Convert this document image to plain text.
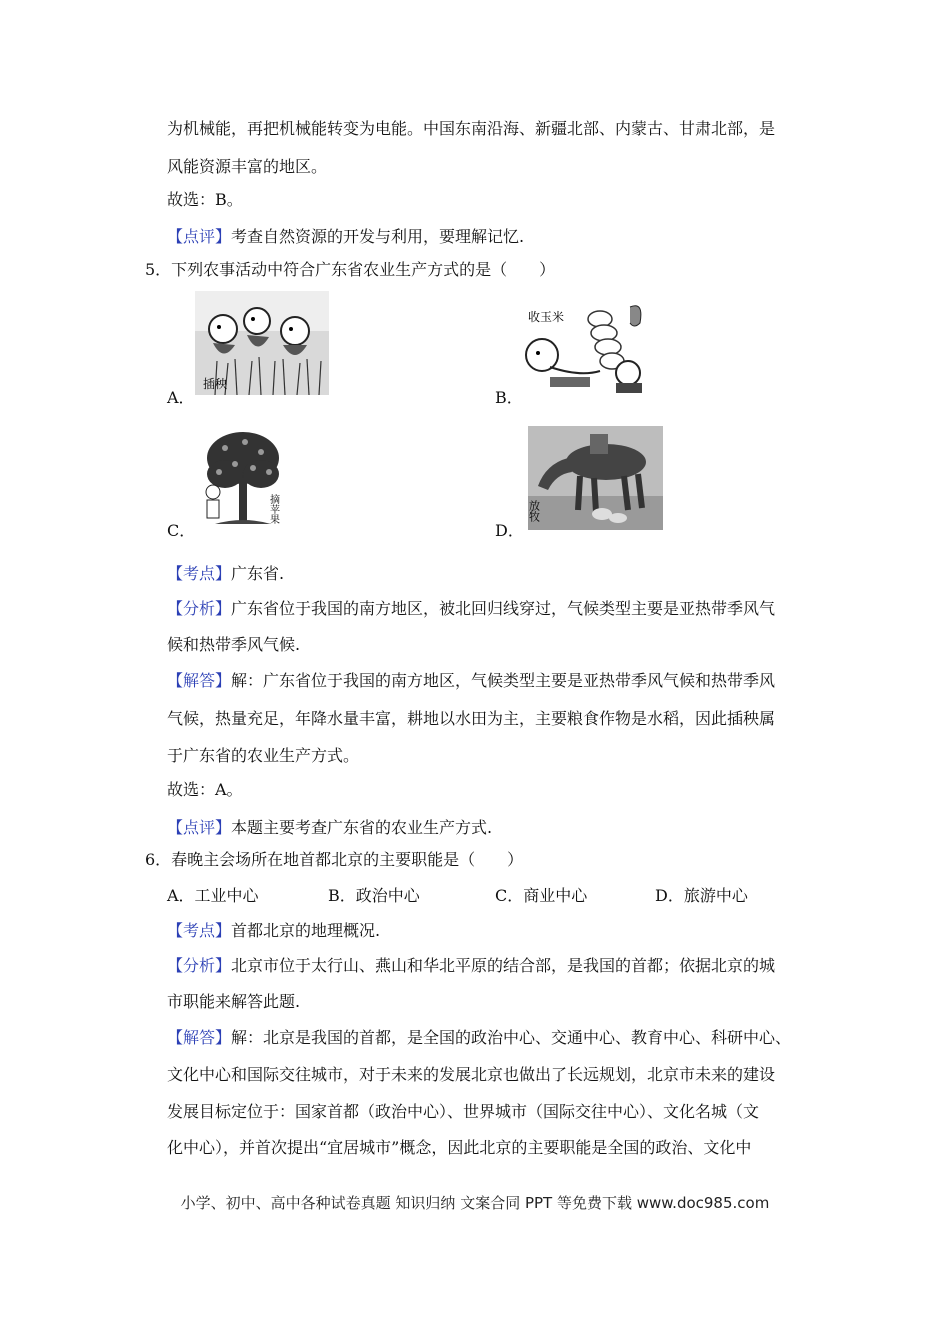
为机械能，再把机械能转变为电能。中国东南沿海、新疆北部、内蒙古、甘肃北部，是
风能资源丰富的地区。
故选：B。
【点评】考查自然资源的开发与利用，要理解记忆.
5．下列农事活动中符合广东省农业生产方式的是（　　）
插秧
A．
收玉米
B．
摘苹果
C．
放牧
D．
【考点】广东省.
【分析】广东省位于我国的南方地区，被北回归线穿过，气候类型主要是亚热带季风气
候和热带季风气候.
【解答】解：广东省位于我国的南方地区，气候类型主要是亚热带季风气候和热带季风
气候，热量充足，年降水量丰富，耕地以水田为主，主要粮食作物是水稻，因此插秧属
于广东省的农业生产方式。
故选：A。
【点评】本题主要考查广东省的农业生产方式.
6．春晚主会场所在地首都北京的主要职能是（　　）
A．工业中心	B．政治中心	C．商业中心	D．旅游中心
【考点】首都北京的地理概况.
【分析】北京市位于太行山、燕山和华北平原的结合部，是我国的首都；依据北京的城
市职能来解答此题.
【解答】解：北京是我国的首都，是全国的政治中心、交通中心、教育中心、科研中心、
文化中心和国际交往城市，对于未来的发展北京也做出了长远规划，北京市未来的建设
发展目标定位于：国家首都（政治中心）、世界城市（国际交往中心）、文化名城（文
化中心），并首次提出“宜居城市”概念，因此北京的主要职能是全国的政治、文化中
小学、初中、高中各种试卷真题 知识归纳 文案合同 PPT 等免费下载 www.doc985.com
